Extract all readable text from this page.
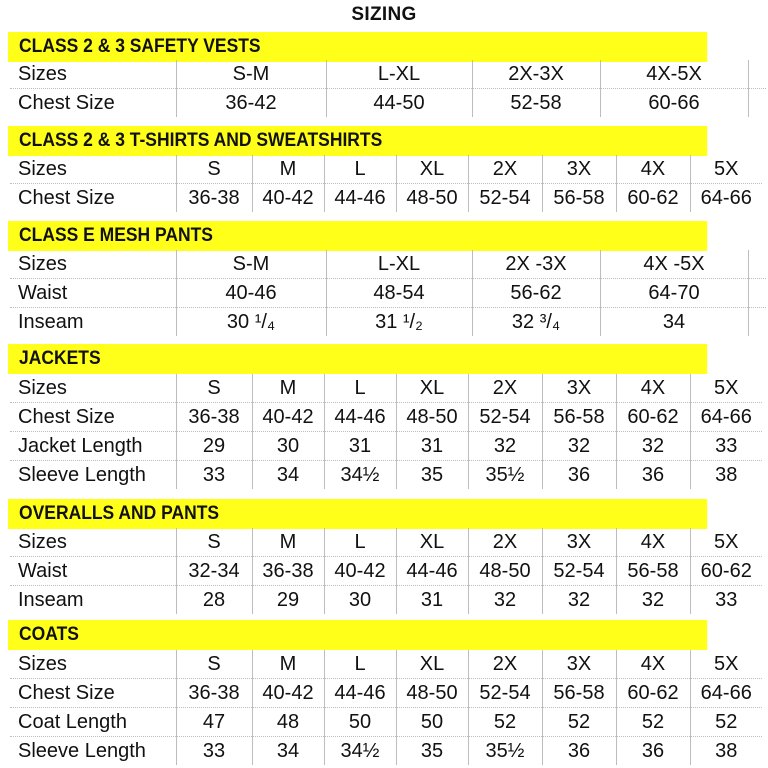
SIZING
CLASS 2 & 3 SAFETY VESTS
Sizes	S-M	L-XL	2X-3X	4X-5X	
Chest Size	36-42	44-50	52-58	60-66	
CLASS 2 & 3 T-SHIRTS AND SWEATSHIRTS
Sizes	S	M	L	XL	2X	3X	4X	5X
Chest Size	36-38	40-42	44-46	48-50	52-54	56-58	60-62	64-66
CLASS E MESH PANTS
Sizes	S-M	L-XL	2X -3X	4X -5X	
Waist	40-46	48-54	56-62	64-70	
Inseam	30 ¹/₄	31 ¹/₂	32 ³/₄	34	
JACKETS
Sizes	S	M	L	XL	2X	3X	4X	5X
Chest Size	36-38	40-42	44-46	48-50	52-54	56-58	60-62	64-66
Jacket Length	29	30	31	31	32	32	32	33
Sleeve Length	33	34	34½	35	35½	36	36	38
OVERALLS AND PANTS
Sizes	S	M	L	XL	2X	3X	4X	5X
Waist	32-34	36-38	40-42	44-46	48-50	52-54	56-58	60-62
Inseam	28	29	30	31	32	32	32	33
COATS
Sizes	S	M	L	XL	2X	3X	4X	5X
Chest Size	36-38	40-42	44-46	48-50	52-54	56-58	60-62	64-66
Coat Length	47	48	50	50	52	52	52	52
Sleeve Length	33	34	34½	35	35½	36	36	38
